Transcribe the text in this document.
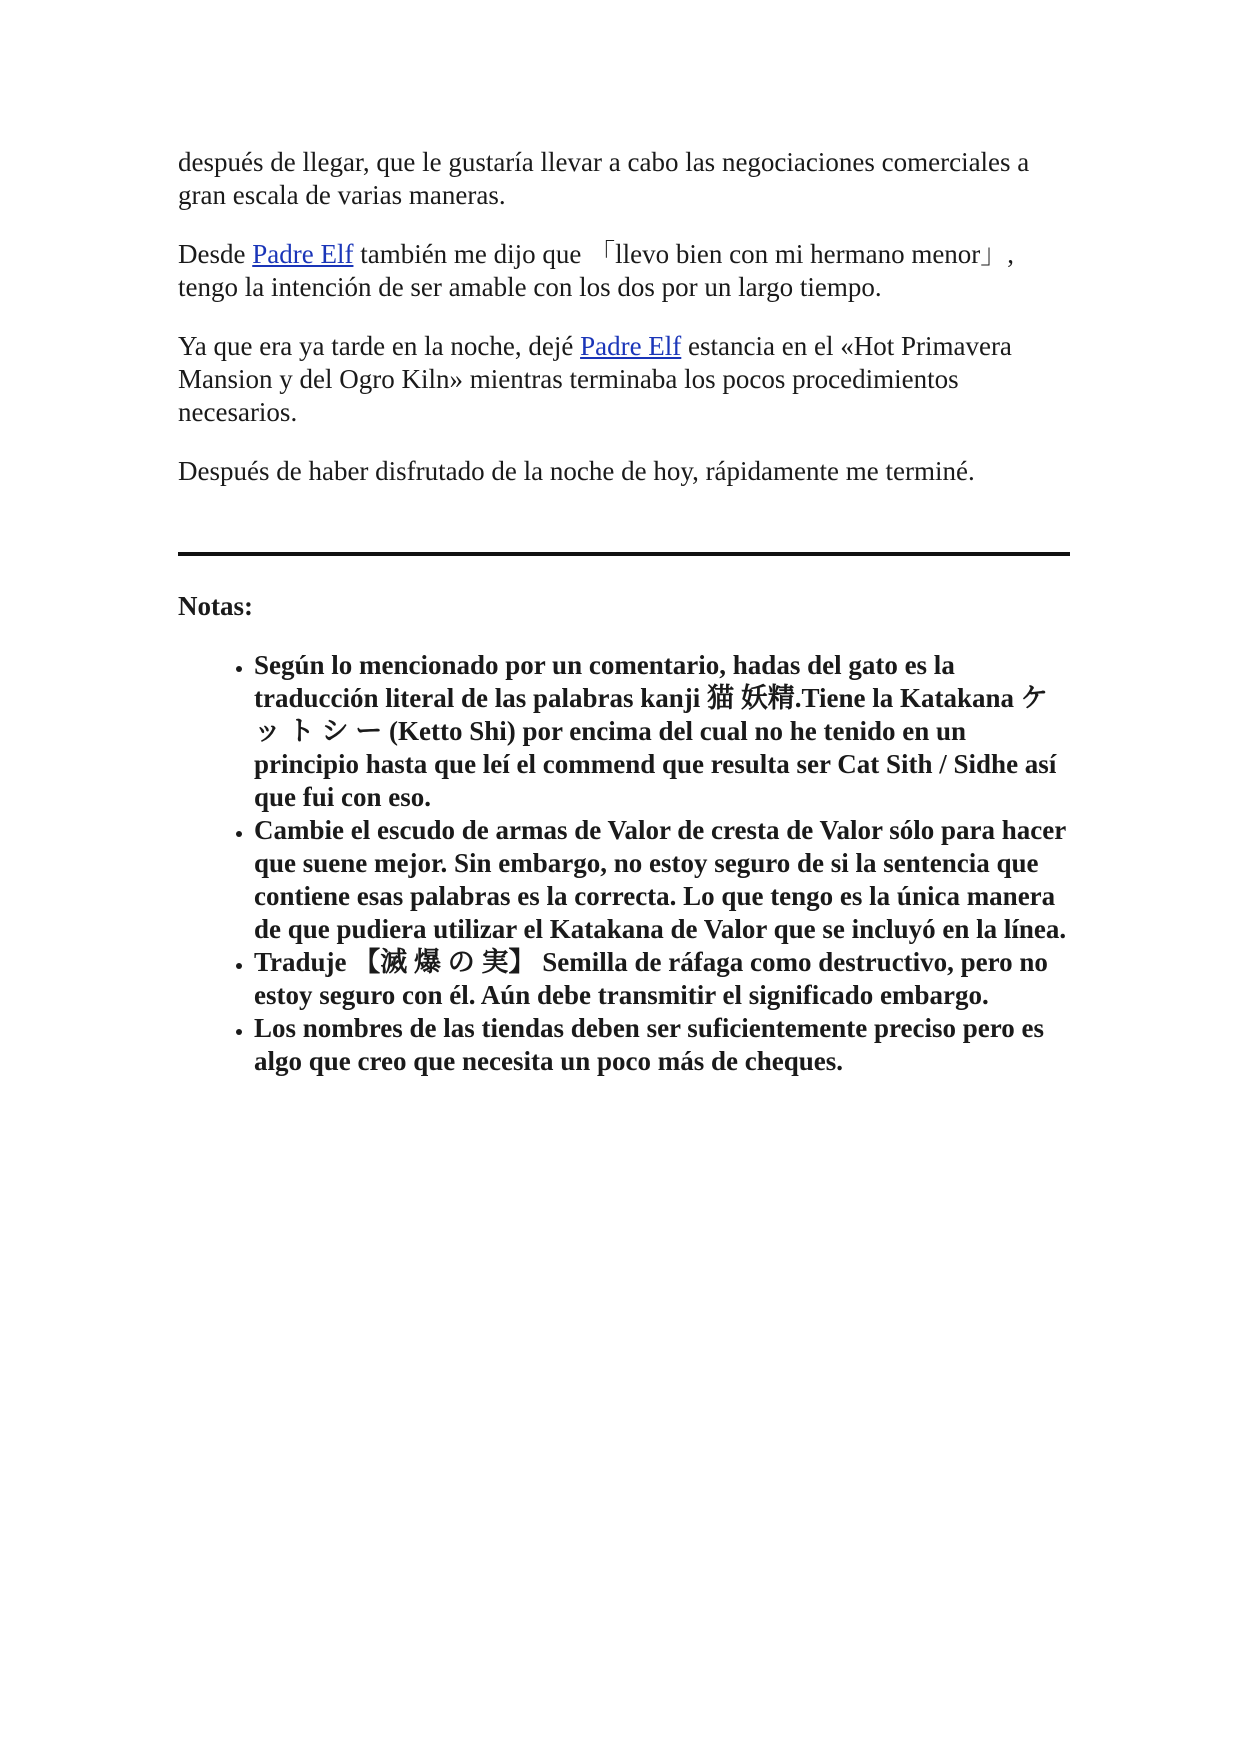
después de llegar, que le gustaría llevar a cabo las negociaciones comerciales a gran escala de varias maneras.

Desde Padre Elf también me dijo que 「llevo bien con mi hermano menor」, tengo la intención de ser amable con los dos por un largo tiempo.

Ya que era ya tarde en la noche, dejé Padre Elf estancia en el «Hot Primavera Mansion y del Ogro Kiln» mientras terminaba los pocos procedimientos necesarios.

Después de haber disfrutado de la noche de hoy, rápidamente me terminé.

Notas:

• Según lo mencionado por un comentario, hadas del gato es la traducción literal de las palabras kanji 猫 妖精.Tiene la Katakana ケ ッ ト シ ー (Ketto Shi) por encima del cual no he tenido en un principio hasta que leí el commend que resulta ser Cat Sith / Sidhe así que fui con eso.
• Cambie el escudo de armas de Valor de cresta de Valor sólo para hacer que suene mejor. Sin embargo, no estoy seguro de si la sentencia que contiene esas palabras es la correcta. Lo que tengo es la única manera de que pudiera utilizar el Katakana de Valor que se incluyó en la línea.
• Traduje 【滅 爆 の 実】 Semilla de ráfaga como destructivo, pero no estoy seguro con él. Aún debe transmitir el significado embargo.
• Los nombres de las tiendas deben ser suficientemente preciso pero es algo que creo que necesita un poco más de cheques.
